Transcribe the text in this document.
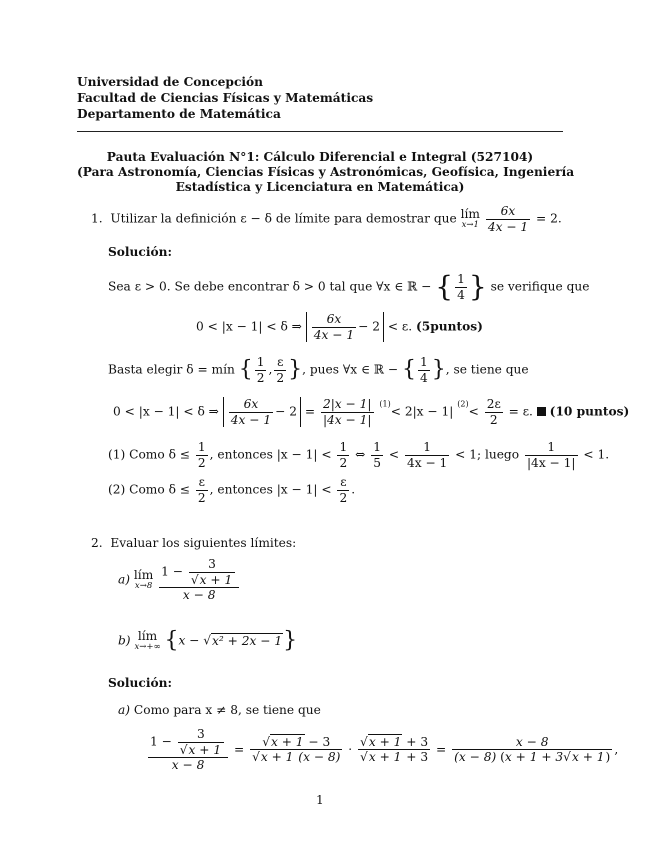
Universidad de Concepción
Facultad de Ciencias Físicas y Matemáticas
Departamento de Matemática
Pauta Evaluación N°1: Cálculo Diferencial e Integral (527104)
(Para Astronomía, Ciencias Físicas y Astronómicas, Geofísica, Ingeniería
Estadística y Licenciatura en Matemática)
1. Utilizar la definición ε − δ de límite para demostrar que lím
x→1
$\frac{6x}{4x - 1} = 2$.
Solución:
Sea ε > 0. Se debe encontrar δ > 0 tal que ∀x ∈ ℝ − { $\frac{1}{4}$ } se verifique que
0 < |x − 1| < δ ⇒ $\frac{6x}{4x - 1} - 2 < \varepsilon$. (5puntos)
Basta elegir δ = mín { $\frac{1}{2}$ , $\frac{\varepsilon}{2}$ }, pues ∀x ∈ ℝ − { $\frac{1}{4}$ }, se tiene que
0 < |x − 1| < δ ⇒ $\frac{6x}{4x - 1} - 2 = \frac{2|x - 1|}{|4x - 1|} ^{(1)}< 2|x - 1|$ $^{(2)}< \frac{2\varepsilon}{2} = \varepsilon$. (10 puntos)
(1) Como $\delta \le \frac{1}{2}$ , entonces $|x - 1| < \frac{1}{2}$ ⇔ $\frac{1}{5} < \frac{1}{4x - 1} < 1$; luego $\frac{1}{|4x - 1|} < 1$.
(2) Como $\delta \le \frac{\varepsilon}{2}$ , entonces $|x - 1| < \frac{\varepsilon}{2}$ .
2. Evaluar los siguientes límites:
a) lím
x→8
$\frac{1 - \frac{3}{√x + 1}}{x - 8}$
b) lím
x→+∞ {x − √x² + 2x − 1}
Solución:
a) Como para x ≠ 8, se tiene que
$\frac{1 - \frac{3}{√x + 1}}{x - 8} = \frac{√x + 1 - 3}{√x + 1 (x - 8)} \cdot \frac{√x + 1 + 3}{√x + 1 + 3} = \frac{x - 8}{(x - 8) (x + 1 + 3√x + 1)}$ ,
1
